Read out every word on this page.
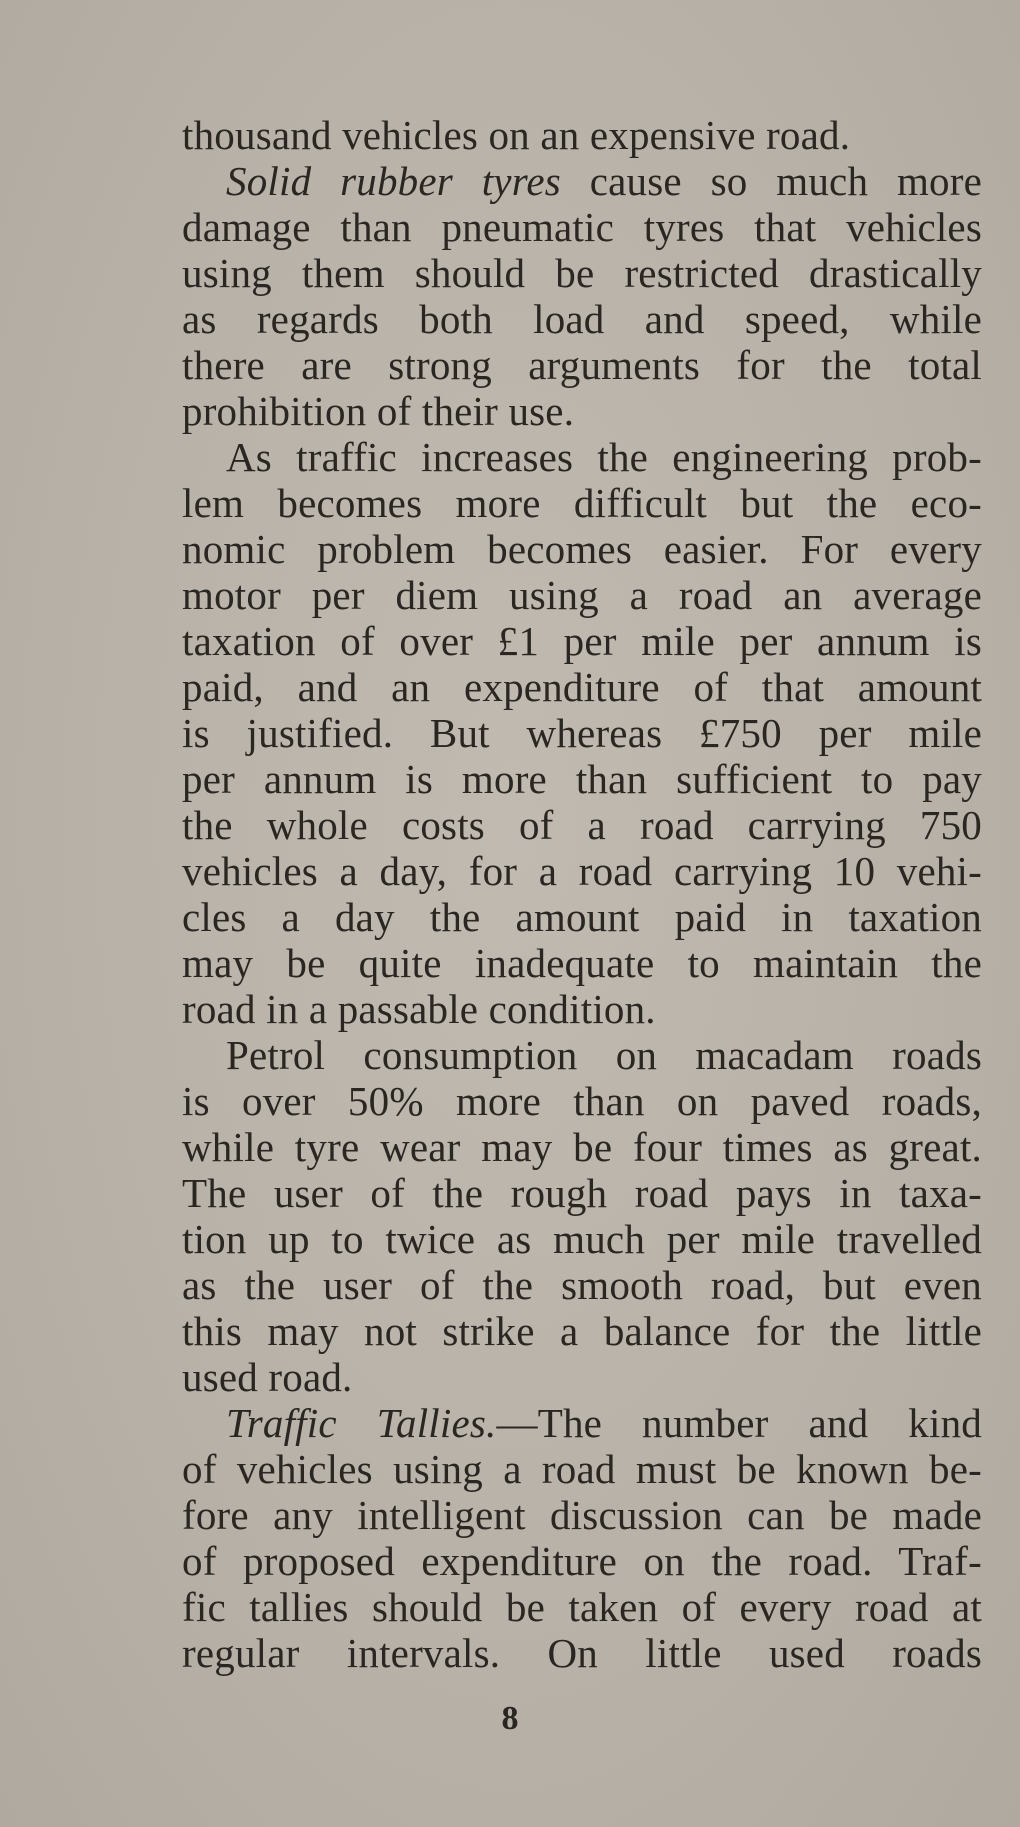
thousand vehicles on an expensive road.
Solid rubber tyres cause so much more
damage than pneumatic tyres that vehicles
using them should be restricted drastically
as regards both load and speed, while
there are strong arguments for the total
prohibition of their use.
As traffic increases the engineering prob-
lem becomes more difficult but the eco-
nomic problem becomes easier. For every
motor per diem using a road an average
taxation of over £1 per mile per annum is
paid, and an expenditure of that amount
is justified. But whereas £750 per mile
per annum is more than sufficient to pay
the whole costs of a road carrying 750
vehicles a day, for a road carrying 10 vehi-
cles a day the amount paid in taxation
may be quite inadequate to maintain the
road in a passable condition.
Petrol consumption on macadam roads
is over 50% more than on paved roads,
while tyre wear may be four times as great.
The user of the rough road pays in taxa-
tion up to twice as much per mile travelled
as the user of the smooth road, but even
this may not strike a balance for the little
used road.
Traffic Tallies.—The number and kind
of vehicles using a road must be known be-
fore any intelligent discussion can be made
of proposed expenditure on the road. Traf-
fic tallies should be taken of every road at
regular intervals. On little used roads
8
